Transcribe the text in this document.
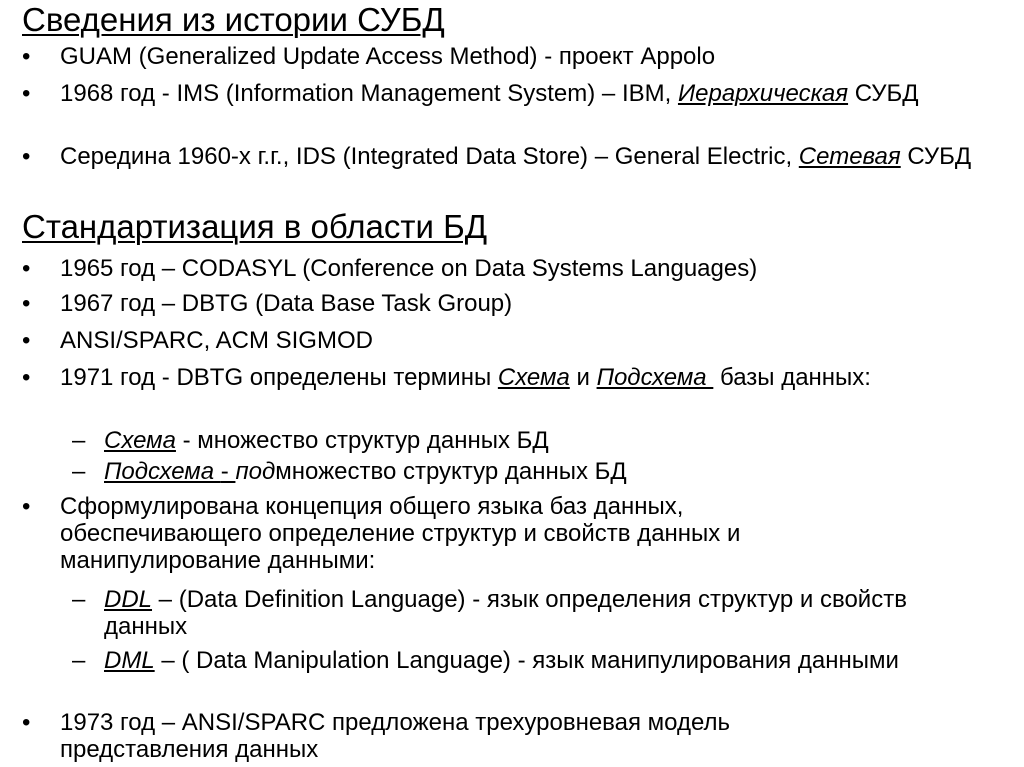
Сведения из истории СУБД
• GUAM (Generalized Update Access Method) - проект Appolo
• 1968 год - IMS (Information Management System) – IBM, Иерархическая СУБД
• Середина 1960-х г.г., IDS (Integrated Data Store) – General Electric, Сетевая СУБД
Стандартизация в области БД
• 1965 год – CODASYL (Conference on Data Systems Languages)
• 1967 год – DBTG (Data Base Task Group)
• ANSI/SPARC, ACM SIGMOD
• 1971 год - DBTG определены термины Схема и Подсхема  базы данных:
– Схема - множество структур данных БД
– Подсхема - подмножество структур данных БД
• Сформулирована концепция общего языка баз данных, обеспечивающего определение структур и свойств данных и манипулирование данными:
– DDL – (Data Definition Language) - язык определения структур и свойств данных
– DML – ( Data Manipulation Language) - язык манипулирования данными
• 1973 год – ANSI/SPARC предложена трехуровневая модель представления данных
